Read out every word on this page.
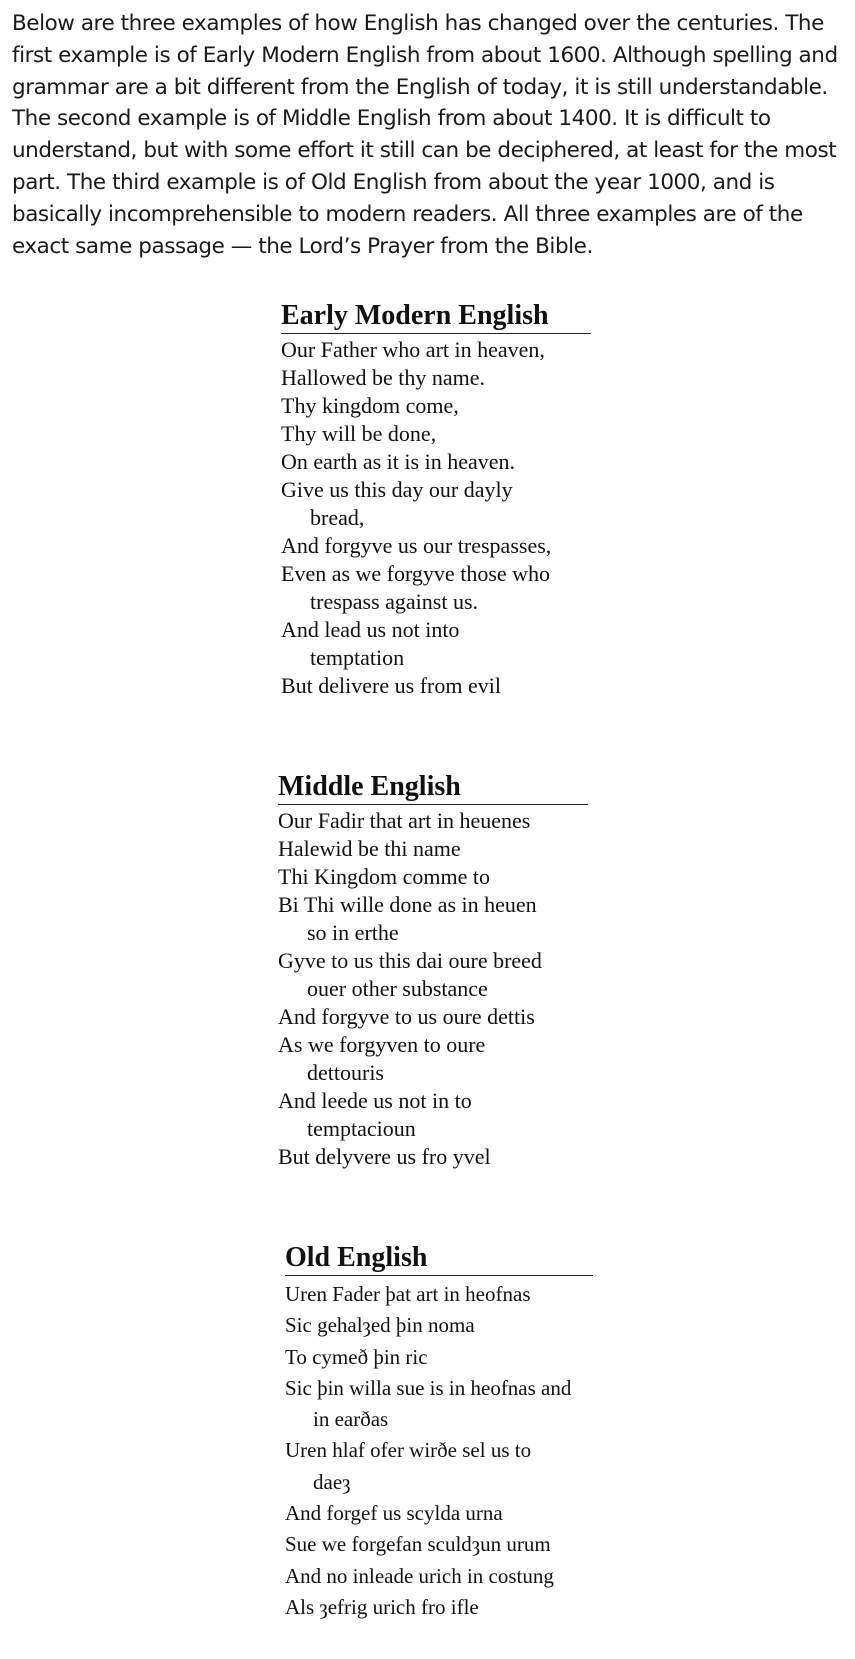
Below are three examples of how English has changed over the centuries. The first example is of Early Modern English from about 1600. Although spelling and grammar are a bit different from the English of today, it is still understandable. The second example is of Middle English from about 1400. It is difficult to understand, but with some effort it still can be deciphered, at least for the most part. The third example is of Old English from about the year 1000, and is basically incomprehensible to modern readers. All three examples are of the exact same passage — the Lord’s Prayer from the Bible.

Early Modern English
Our Father who art in heaven,
Hallowed be thy name.
Thy kingdom come,
Thy will be done,
On earth as it is in heaven.
Give us this day our dayly
bread,
And forgyve us our trespasses,
Even as we forgyve those who
trespass against us.
And lead us not into
temptation
But delivere us from evil
Middle English
Our Fadir that art in heuenes
Halewid be thi name
Thi Kingdom comme to
Bi Thi wille done as in heuen
so in erthe
Gyve to us this dai oure breed
ouer other substance
And forgyve to us oure dettis
As we forgyven to oure
dettouris
And leede us not in to
temptacioun
But delyvere us fro yvel
Old English
Uren Fader þat art in heofnas
Sic gehalȝed þin noma
To cymeð þin ric
Sic þin willa sue is in heofnas and
in earðas
Uren hlaf ofer wirðe sel us to
daeȝ
And forgef us scylda urna
Sue we forgefan sculdȝun urum
And no inleade urich in costung
Als ȝefrig urich fro ifle
